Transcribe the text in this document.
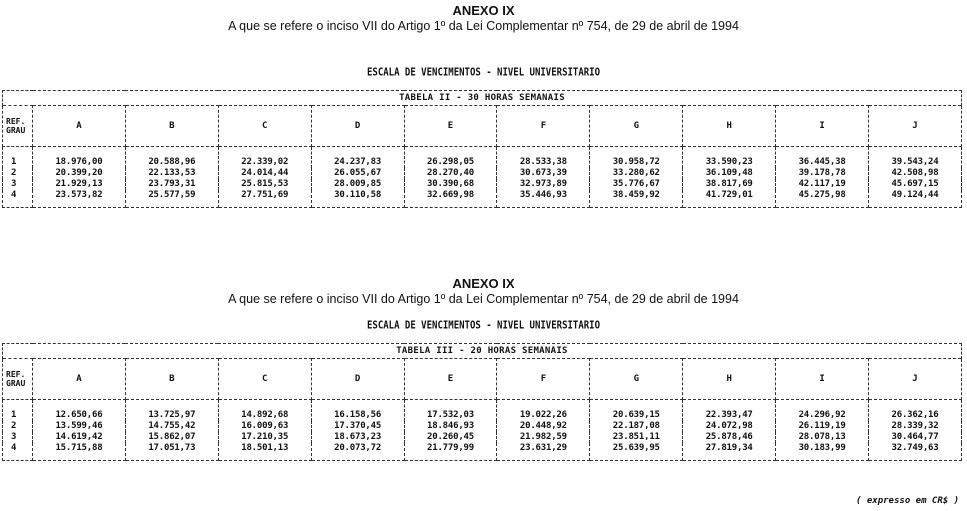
ANEXO IX
A que se refere o inciso VII do Artigo 1º da Lei Complementar nº 754, de 29 de abril de 1994
ESCALA DE VENCIMENTOS - NIVEL UNIVERSITARIO
TABELA II - 30 HORAS SEMANAIS										

REF.
GRAU	A	B	C	D	E	F	G	H	I	J
1	18.976,00	20.588,96	22.339,02	24.237,83	26.298,05	28.533,38	30.958,72	33.590,23	36.445,38	39.543,24
2	20.399,20	22.133,53	24.014,44	26.055,67	28.270,40	30.673,39	33.280,62	36.109,48	39.178,78	42.508,98
3	21.929,13	23.793,31	25.815,53	28.009,85	30.390,68	32.973,89	35.776,67	38.817,69	42.117,19	45.697,15
4	23.573,82	25.577,59	27.751,69	30.110,58	32.669,98	35.446,93	38.459,92	41.729,01	45.275,98	49.124,44
ANEXO IX
A que se refere o inciso VII do Artigo 1º da Lei Complementar nº 754, de 29 de abril de 1994
ESCALA DE VENCIMENTOS - NIVEL UNIVERSITARIO
TABELA III - 20 HORAS SEMANAIS										

REF.
GRAU	A	B	C	D	E	F	G	H	I	J
1	12.650,66	13.725,97	14.892,68	16.158,56	17.532,03	19.022,26	20.639,15	22.393,47	24.296,92	26.362,16
2	13.599,46	14.755,42	16.009,63	17.370,45	18.846,93	20.448,92	22.187,08	24.072,98	26.119,19	28.339,32
3	14.619,42	15.862,07	17.210,35	18.673,23	20.260,45	21.982,59	23.851,11	25.878,46	28.078,13	30.464,77
4	15.715,88	17.051,73	18.501,13	20.073,72	21.779,99	23.631,29	25.639,95	27.819,34	30.183,99	32.749,63
( expresso em CR$ )
